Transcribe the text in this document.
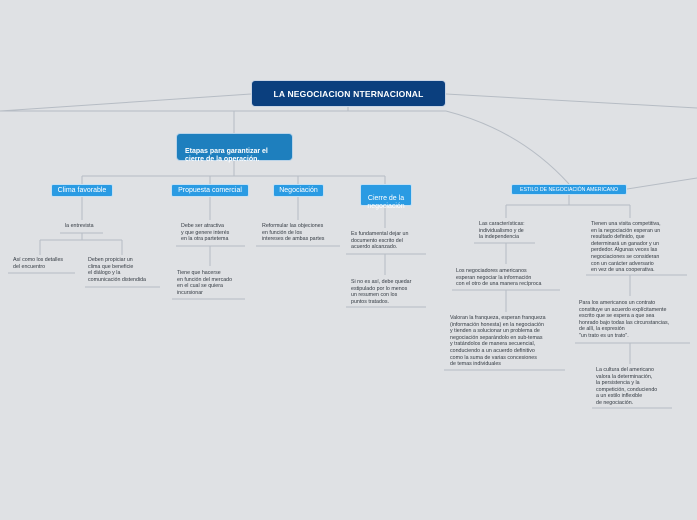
LA NEGOCIACION NTERNACIONAL

Etapas para garantizar el
cierre de la operación.

Clima favorable	Propuesta comercial	Negociación

Cierre de la
negociación

ESTILO DE NEGOCIACIÓN AMERICANO
la entrevista
Así como los detalles
del encuentro
Deben propiciar un
clima que beneficie
el diálogo y la
comunicación distendida
Debe ser atractiva
y que genere interés
en la otra partetema
Tiene que hacerse
en función del mercado
en el cual se quiera
incursionar
Reformular las objeciones
en función de los
intereses de ambas partes
Es fundamental dejar un
documento escrito del
acuerdo alcanzado.
Si no es así, debe quedar
estipulado por lo menos
un resumen con los
puntos tratados.
Las características:
individualismo y de
la independencia
Tienen una visita competitiva,
en la negociación esperan un
resultado definido, que
determinará un ganador y un
perdedor. Algunas veces las
negociaciones se consideran
con un carácter adversario
en vez de una cooperativa.
Los negociadores americanos
esperan negociar la información
con el otro de una manera recíproca
Para los americanos un contrato
constituye un acuerdo explícitamente
escrito que se espera a que sea
honrado bajo todas las circunstancias,
de allí, la expresión
"un trato es un trato".
Valoran la franqueza, esperan franqueza
(información honesta) en la negociación
y tienden a solucionar un problema de
negociación separándolo en sub-temas
y tratándolos de manera secuencial,
conduciendo a un acuerdo definitivo
como la suma de varias concesiones
de temas individuales
La cultura del americano
valora la determinación,
la persistencia y la
competición, conduciendo
a un estilo inflexible
de negociación.
